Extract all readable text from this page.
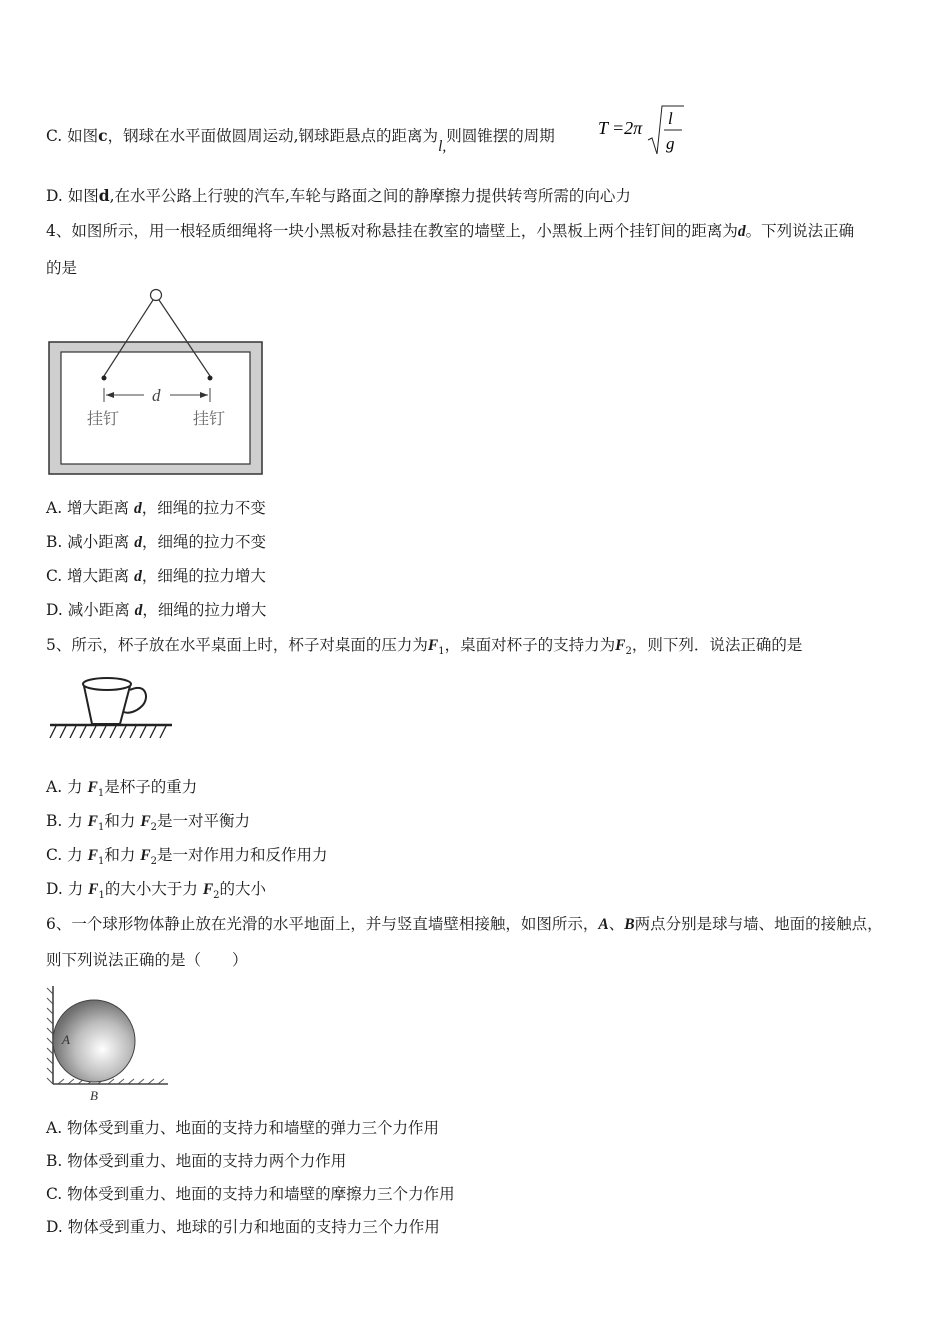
C. 如图c，钢球在水平面做圆周运动,钢球距悬点的距离为l,则圆锥摆的周期 T =2π l
g
D. 如图d,在水平公路上行驶的汽车,车轮与路面之间的静摩擦力提供转弯所需的向心力
4、如图所示，用一根轻质细绳将一块小黑板对称悬挂在教室的墙壁上，小黑板上两个挂钉间的距离为d。下列说法正确
的是
d
挂钉	挂钉
A. 增大距离 d，细绳的拉力不变
B. 减小距离 d，细绳的拉力不变
C. 增大距离 d，细绳的拉力增大
D. 减小距离 d，细绳的拉力增大
5、所示，杯子放在水平桌面上时，杯子对桌面的压力为$F_1$，桌面对杯子的支持力为$F_2$，则下列．说法正确的是
A. 力 $F_1$是杯子的重力
B. 力 $F_1$和力 $F_2$是一对平衡力
C. 力 $F_1$和力 $F_2$是一对作用力和反作用力
D. 力 $F_1$的大小大于力 $F_2$的大小
6、一个球形物体静止放在光滑的水平地面上，并与竖直墙壁相接触，如图所示，A、B两点分别是球与墙、地面的接触点，
则下列说法正确的是（　　）
A
B
A. 物体受到重力、地面的支持力和墙壁的弹力三个力作用
B. 物体受到重力、地面的支持力两个力作用
C. 物体受到重力、地面的支持力和墙壁的摩擦力三个力作用
D. 物体受到重力、地球的引力和地面的支持力三个力作用
